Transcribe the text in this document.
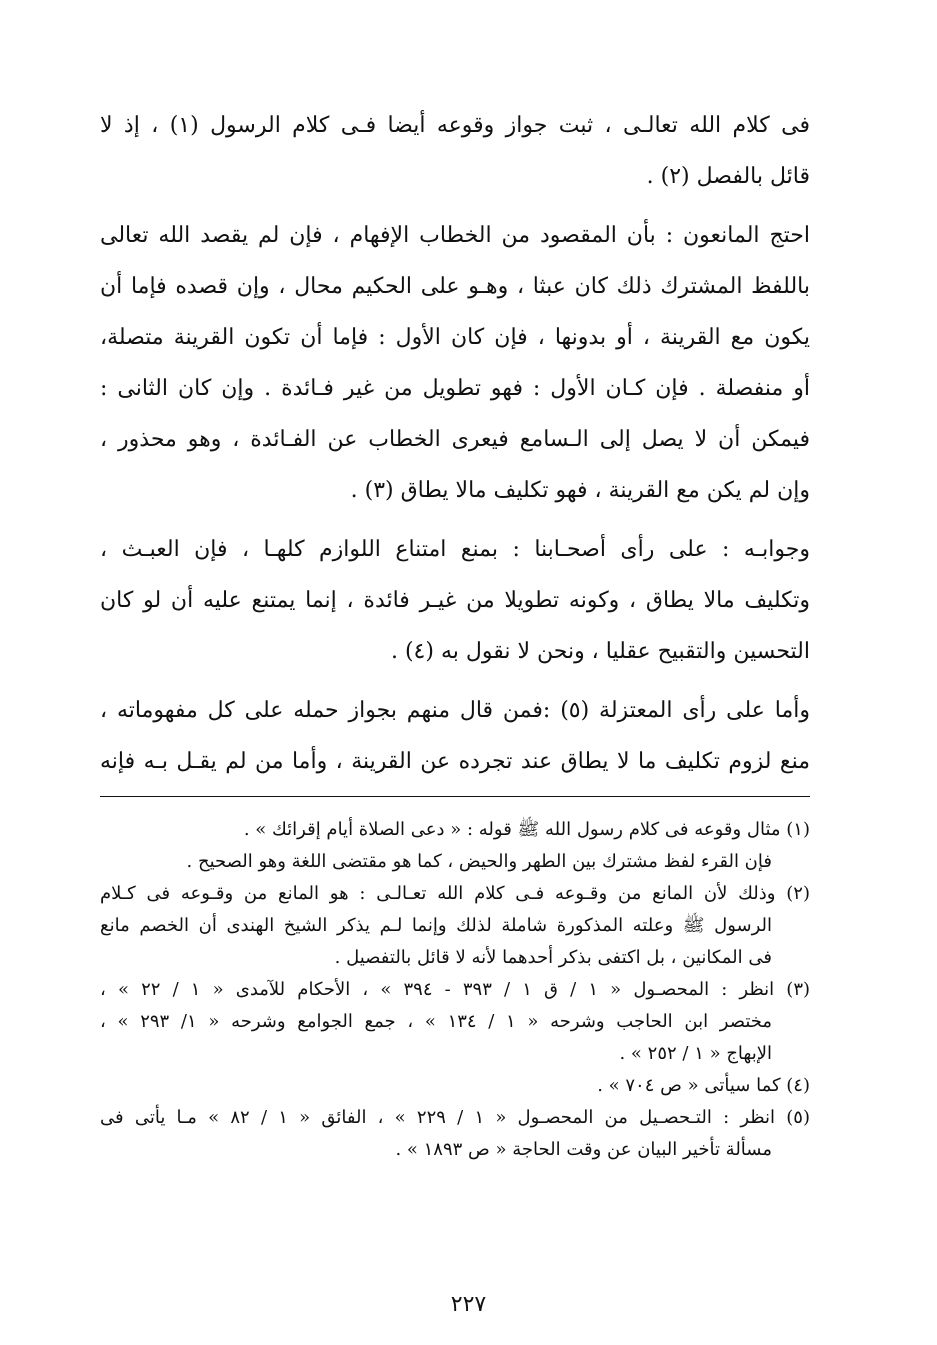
فى كلام الله تعالـى ، ثبت جواز وقوعه أيضا فـى كلام الرسول (١) ، إذ لا
قائل بالفصل (٢) .
احتج المانعون : بأن المقصود من الخطاب الإفهام ، فإن لم يقصد الله تعالى
باللفظ المشترك ذلك كان عبثا ، وهـو على الحكيم محال ، وإن قصده فإما أن
يكون مع القرينة ، أو بدونها ، فإن كان الأول : فإما أن تكون القرينة متصلة،
أو منفصلة . فإن كـان الأول : فهو تطويل من غير فـائدة . وإن كان الثانى :
فيمكن أن لا يصل إلى الـسامع فيعرى الخطاب عن الفـائدة ، وهو محذور ،
وإن لم يكن مع القرينة ، فهو تكليف مالا يطاق (٣) .
وجوابـه : على رأى أصحـابنا : بمنع امتناع اللوازم كلهـا ، فإن العبـث ،
وتكليف مالا يطاق ، وكونه تطويلا من غيـر فائدة ، إنما يمتنع عليه أن لو كان
التحسين والتقبيح عقليا ، ونحن لا نقول به (٤) .
وأما على رأى المعتزلة (٥) :فمن قال منهم بجواز حمله على كل مفهوماته ،
منع لزوم تكليف ما لا يطاق عند تجرده عن القرينة ، وأما من لم يقـل بـه فإنه
(١) مثال وقوعه فى كلام رسول الله ﷺ قوله : « دعى الصلاة أيام إقرائك » .
فإن القرء لفظ مشترك بين الطهر والحيض ، كما هو مقتضى اللغة وهو الصحيح .
(٢) وذلك لأن المانع من وقـوعه فـى كلام الله تعـالـى : هو المانع من وقـوعه فى كـلام
الرسول ﷺ وعلته المذكورة شاملة لذلك وإنما لـم يذكر الشيخ الهندى أن الخصم مانع
فى المكانين ، بل اكتفى بذكر أحدهما لأنه لا قائل بالتفصيل .
(٣) انظر : المحصـول « ١ / ق ١ / ٣٩٣ - ٣٩٤ » ، الأحكام للآمدى « ١ / ٢٢ » ،
مختصر ابن الحاجب وشرحه « ١ / ١٣٤ » ، جمع الجوامع وشرحه « ١/ ٢٩٣ » ،
الإبهاج « ١ / ٢٥٢ » .
(٤) كما سيأتى « ص ٧٠٤ » .
(٥) انظر : التـحصـيل من المحصـول « ١ / ٢٢٩ » ، الفائق « ١ / ٨٢ » مـا يأتى فى
مسألة تأخير البيان عن وقت الحاجة « ص ١٨٩٣ » .
٢٢٧
